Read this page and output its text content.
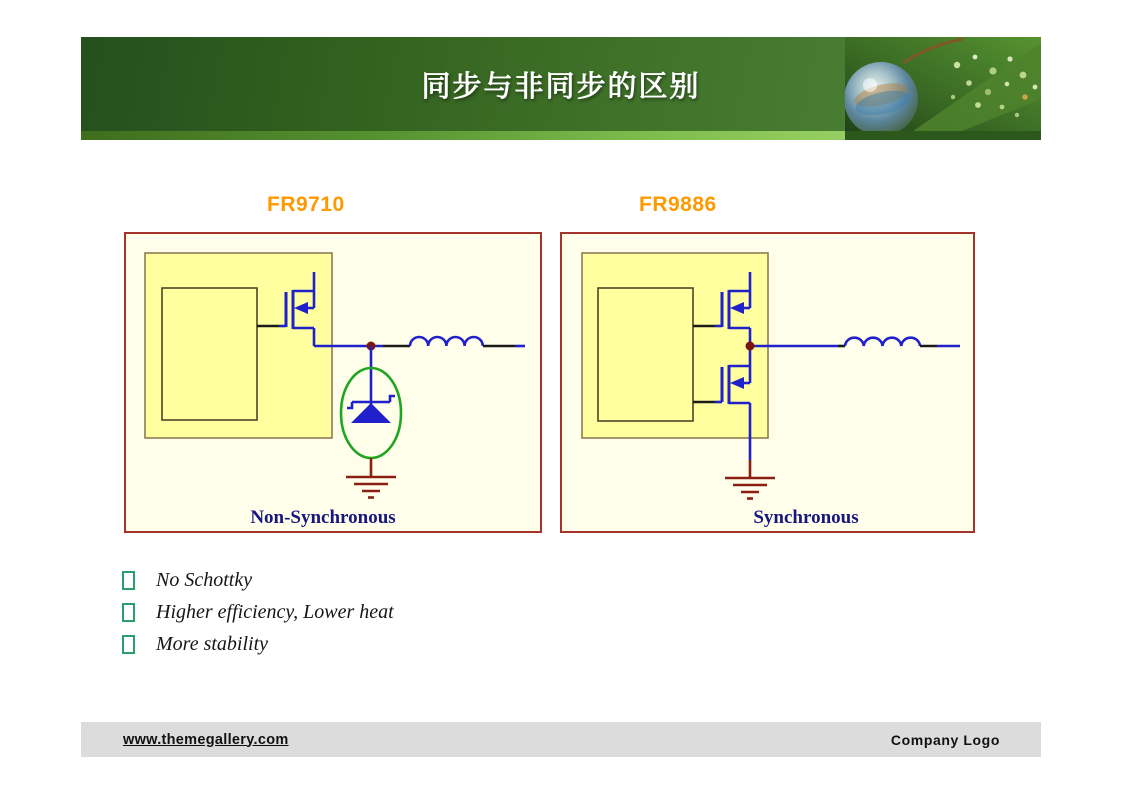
同步与非同步的区别
FR9710	FR9886
Non-Synchronous	Synchronous
No Schottky
Higher efficiency, Lower heat
More stability
www.themegallery.com	Company Logo
